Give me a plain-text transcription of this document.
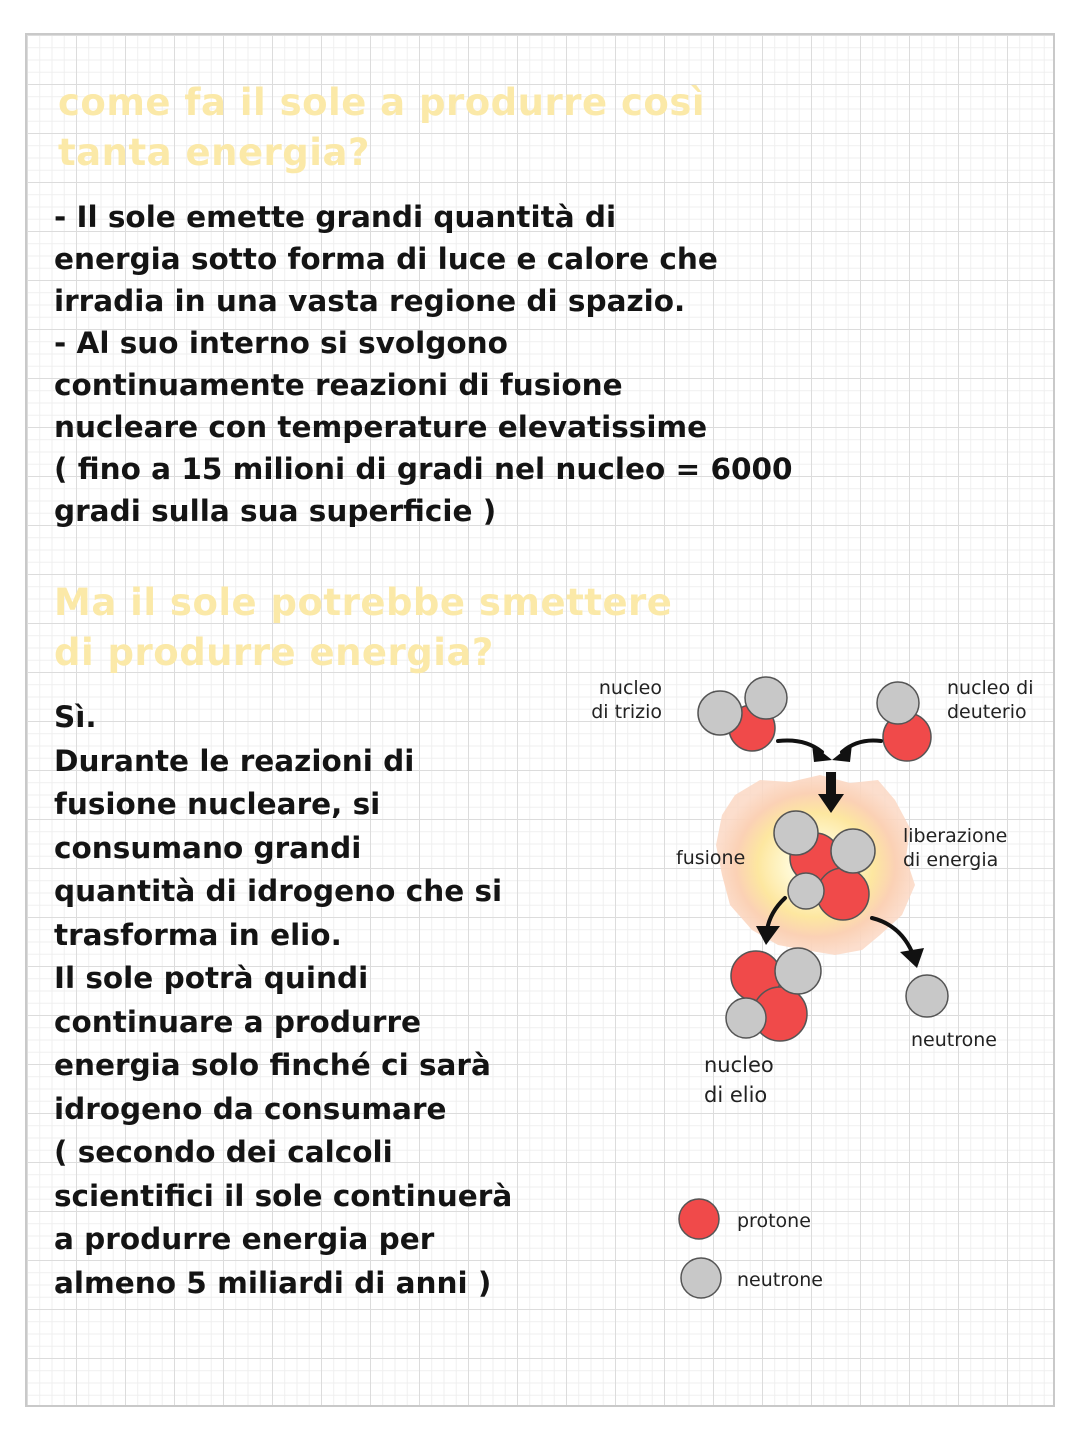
come fa il sole a produrre così
tanta energia?
- Il sole emette grandi quantità di
energia sotto forma di luce e calore che
irradia in una vasta regione di spazio.
- Al suo interno si svolgono
continuamente reazioni di fusione
nucleare con temperature elevatissime
( fino a 15 milioni di gradi nel nucleo = 6000
gradi sulla sua superficie )
Ma il sole potrebbe smettere
di produrre energia?
Sì.
Durante le reazioni di
fusione nucleare, si
consumano grandi
quantità di idrogeno che si
trasforma in elio.
Il sole potrà quindi
continuare a produrre
energia solo finché ci sarà
idrogeno da consumare
( secondo dei calcoli
scientifici il sole continuerà
a produrre energia per
almeno 5 miliardi di anni )
nucleo
di trizio
nucleo di
deuterio
fusione
liberazione
di energia
nucleo
di elio
neutrone
protone
neutrone
